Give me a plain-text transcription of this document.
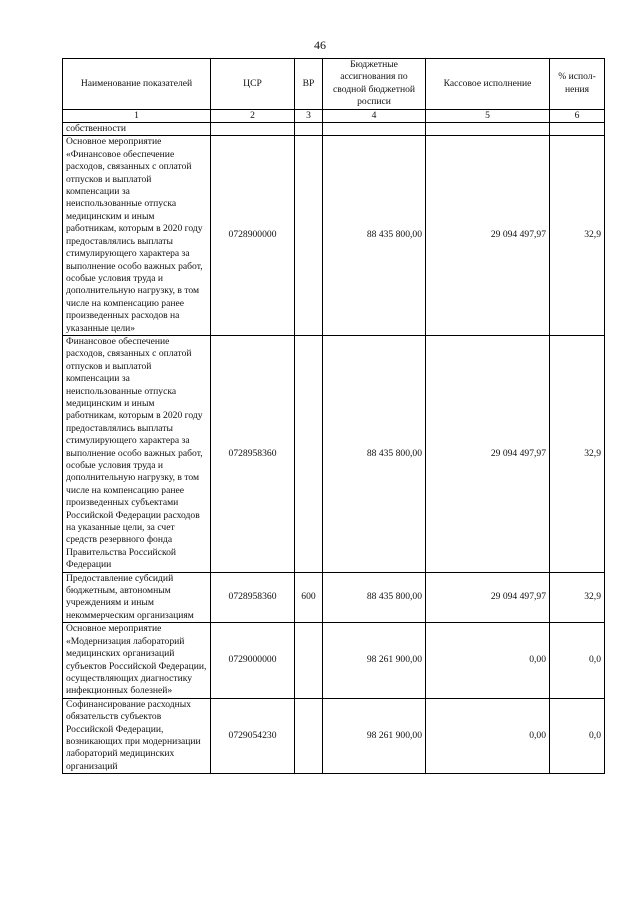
46
Наименование показателей	ЦСР	ВР	Бюджетные ассигнования по сводной бюджетной росписи	Кассовое исполнение	% испол-нения
1	2	3	4	5	6
собственности					
Основное мероприятие «Финансовое обеспечение расходов, связанных с оплатой отпусков и выплатой компенсации за неиспользованные отпуска медицинским и иным работникам, которым в 2020 году предоставлялись выплаты стимулирующего характера за выполнение особо важных работ, особые условия труда и дополнительную нагрузку, в том числе на компенсацию ранее произведенных расходов на указанные цели»	0728900000		88 435 800,00	29 094 497,97	32,9
Финансовое обеспечение расходов, связанных с оплатой отпусков и выплатой компенсации за неиспользованные отпуска медицинским и иным работникам, которым в 2020 году предоставлялись выплаты стимулирующего характера за выполнение особо важных работ, особые условия труда и дополнительную нагрузку, в том числе на компенсацию ранее произведенных субъектами Российской Федерации расходов на указанные цели, за счет средств резервного фонда Правительства Российской Федерации	0728958360		88 435 800,00	29 094 497,97	32,9
Предоставление субсидий бюджетным, автономным учреждениям и иным некоммерческим организациям	0728958360	600	88 435 800,00	29 094 497,97	32,9
Основное мероприятие «Модернизация лабораторий медицинских организаций субъектов Российской Федерации, осуществляющих диагностику инфекционных болезней»	0729000000		98 261 900,00	0,00	0,0
Софинансирование расходных обязательств субъектов Российской Федерации, возникающих при модернизации лабораторий медицинских организаций	0729054230		98 261 900,00	0,00	0,0
